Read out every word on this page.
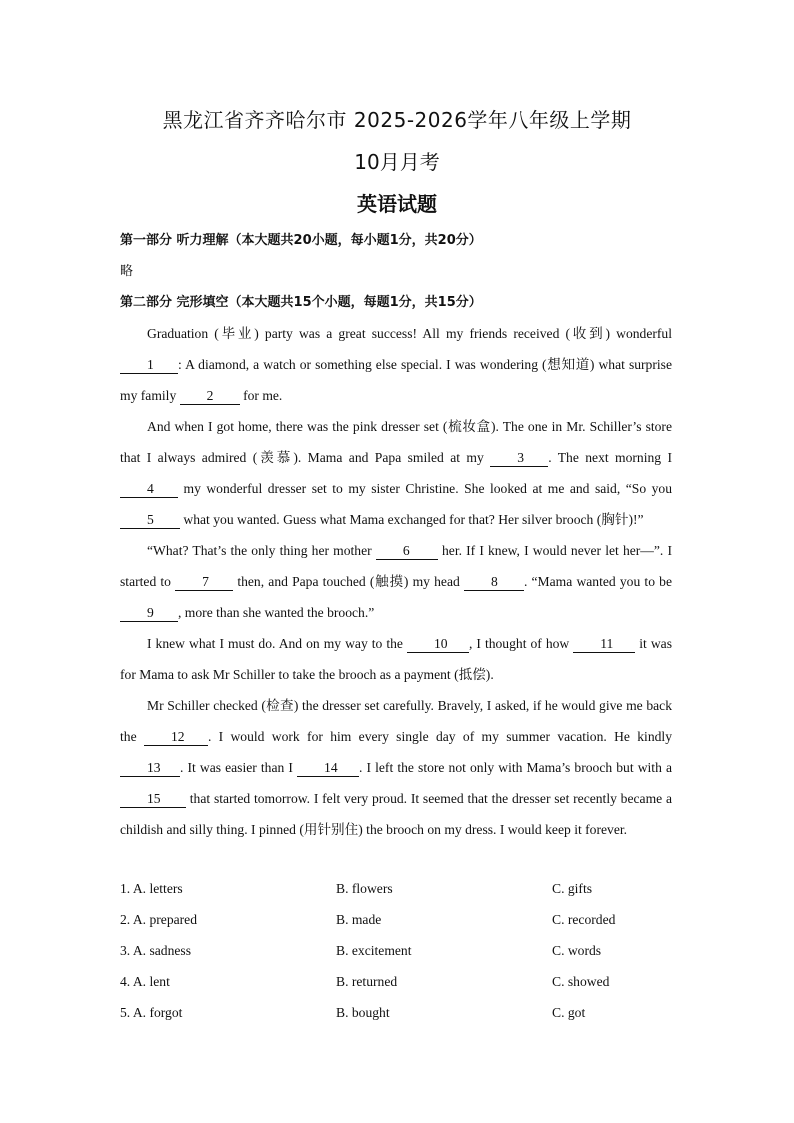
黑龙江省齐齐哈尔市 2025-2026学年八年级上学期
10月月考
英语试题
第一部分 听力理解（本大题共20小题，每小题1分，共20分）
略
第二部分 完形填空（本大题共15个小题，每题1分，共15分）

Graduation (毕业) party was a great success! All my friends received (收到) wonderful 1 : A diamond, a watch or something else special. I was wondering (想知道) what surprise my family 2 for me.

And when I got home, there was the pink dresser set (梳妆盒). The one in Mr. Schiller’s store that I always admired (羡慕). Mama and Papa smiled at my 3 . The next morning I 4 my wonderful dresser set to my sister Christine. She looked at me and said, “So you 5 what you wanted. Guess what Mama exchanged for that? Her silver brooch (胸针)!”

“What? That’s the only thing her mother 6 her. If I knew, I would never let her—”. I started to 7 then, and Papa touched (触摸) my head 8 . “Mama wanted you to be 9 , more than she wanted the brooch.”

I knew what I must do. And on my way to the 10 , I thought of how 11 it was for Mama to ask Mr Schiller to take the brooch as a payment (抵偿).

Mr Schiller checked (检查) the dresser set carefully. Bravely, I asked, if he would give me back the	12 . I would work for him every single day of my summer vacation. He kindly 13 . It was easier than I 14 . I left the store not only with Mama’s brooch but with a 15 that started tomorrow. I felt very proud. It seemed that the dresser set recently became a childish and silly thing. I pinned (用针别住) the brooch on my dress. I would keep it forever.

1. A. letters	B. flowers	C. gifts
2. A. prepared	B. made	C. recorded
3. A. sadness	B. excitement	C. words
4. A. lent	B. returned	C. showed
5. A. forgot	B. bought	C. got
